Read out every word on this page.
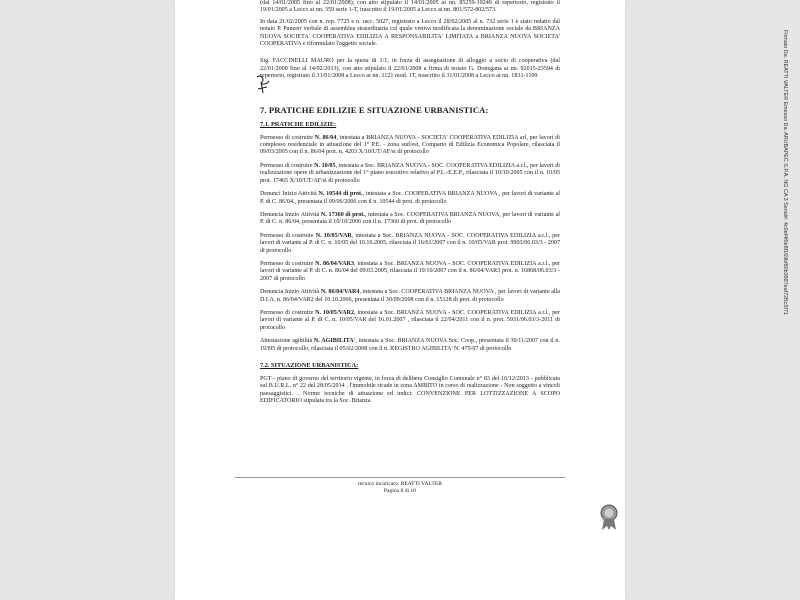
(dal 14/01/2005 fino al 22/01/2008), con atto stipulato il 14/01/2005 ai nn. 85259-19249 di repertorio, registrato il 19/01/2005 a Lecco ai nn. 359 serie 1-T, trascritto il 19/01/2005 a Lecco ai nn. 801/572-802/573.

In data 21/02/2005 con n. rep. 7725 e n. racc. 5027, registrato a Lecco il 28/02/2005 al n. 732 serie 1 è stato redatto dal notaio P. Panzeri verbale di assemblea straordinaria col quale veniva modificata la denominazione sociale da BRIANZA NUOVA SOCIETA' COOPERATIVA EDILIZIA A RESPONSABILITA' LIMITATA a BRIANZA NUOVA SOCIETA' COOPERATIVA e riformulato l'oggetto sociale.

Sig. FACCINELLI MAURO per la quota di 1/1, in forza di assegnazione di alloggio a socio di cooperativa (dal 22/01/2008 fino al 14/02/2013), con atto stipulato il 22/01/2008 a firma di notaio G. Donegana ai nn. 92015-23594 di repertorio, registrato il 31/01/2008 a Lecco ai nn. 1121 mod. 1T, trascritto il 31/01/2008 a Lecco ai nn. 1831-1109

7. PRATICHE EDILIZIE E SITUAZIONE URBANISTICA:

7.1. PRATICHE EDILIZIE:

Permesso di costruire N. 86/04, intestata a BRIANZA NUOVA - SOCIETA' COOPERATIVA EDILIZIA arl, per lavori di complesso residenziale in attuazione del 1° P.E. - zona sud/est, Comparto di Edilizia Economica Popolare, rilasciata il 09/03/2005 con il n. 86/04 prot. n. 4203 X/10/UT/AF/st di protocollo

Permesso di costruire N. 10/05, intestata a Soc. BRIANZA NUOVA - SOC. COOPERATIVA EDILIZIA a.r.l., per lavori di realizzazione opere di urbanizzazione del 1° piano esecutivo relativo al P.L.-E.E.P., rilasciata il 10/10/2005 con il n. 10/05 prot. 17465 X/10/UT/AF/st di protocollo

Denunci Inizio Attività N. 10544 di prot., intestata a Soc. COOPERATIVA BRIANZA NUOVA , per lavori di variante al P. di C. 86/04., presentata il 09/06/2006 con il n. 10544 di prot. di protocollo

Denuncia Inizio Attività N. 17360 di prot., intestata a Soc. COOPERATIVA BRIANZA NUOVA, per lavori di variante al P. di C. n. 86/04, presentata il 10/10/2006 con il n. 17360 di prot. di protocollo

Permesso di costruire N. 10/05/VAR, intestata a Soc. BRIANZA NUOVA - SOC. COOPERATIVA EDILIZIA a.r.l., per lavori di variante al P. di C. n. 10/05 del 10.10.2005, rilasciata il 16/01/2007 con il n. 10/05/VAR prot. 9903/06.03/3 - 2007 di protocollo

Permesso di costruire N. 86/04/VAR3, intestata a Soc. BRIANZA NUOVA - SOC. COOPERATIVA EDILIZIA a.r.l., per lavori di variante al P. di C. n. 86/04 del 09.03.2005, rilasciata il 19/10/2007 con il n. 86/04/VAR3 prot. n. 16868/06.03/3 - 2007 di protocollo

Denuncia Inizio Attività N. 86/04/VAR4, intestata a Soc. COOPERATIVA BRIANZA NUOVA , per lavori di variante alla D.I.A. n. 86/04/VAR2 del 10.10.2006, presentata il 30/09/2008 con il n. 15128 di prot. di protocollo

Permesso di costruire N. 10/05/VAR2, intestata a Soc. BRIANZA NUOVA - SOC. COOPERATIVA EDILIZIA a.r.l., per lavori di variante al P. di C. n. 10/05/VAR del 16.01.2007 , rilasciata il 22/04/2011 con il n. prot. 5931/06.03/3-2011 di protocollo

Attestazione agibilità N. AGIBILITA', intestata a Soc. BRIANZA NUOVA Soc. Coop., presentata il 30/11/2007 con il n. 19395 di protocollo, rilasciata il 05/02/2008 con il n. REGISTRO AGIBILITA' N. 475/07 di protocollo

7.2. SITUAZIONE URBANISTICA:

PGT - piano di governo del territorio vigente, in forza di delibera Consiglio Comunale n° 83 del 16/12/2013 - pubblicata sul B.U.R.L. n° 22 del 28/05/2014 , l'immobile ricade in zona AMBITO in corso di realizzazione - Non soggetto a vincoli paesaggistici. . Norme tecniche di attuazione ed indici: CONVENZIONE PER LOTTIZZAZIONE A SCOPO EDIFICATORIO stipulata tra la Soc. Brianza

tecnico incaricato: REATTI VALTER
Pagina 8 di 10
Firmato Da: REATTI VALTER Emesso Da: ARUBAPEC S.P.A. NG CA 3 Serial#: 4c0ef4f0e8f169bf80b3887eaf72Bc5f71
